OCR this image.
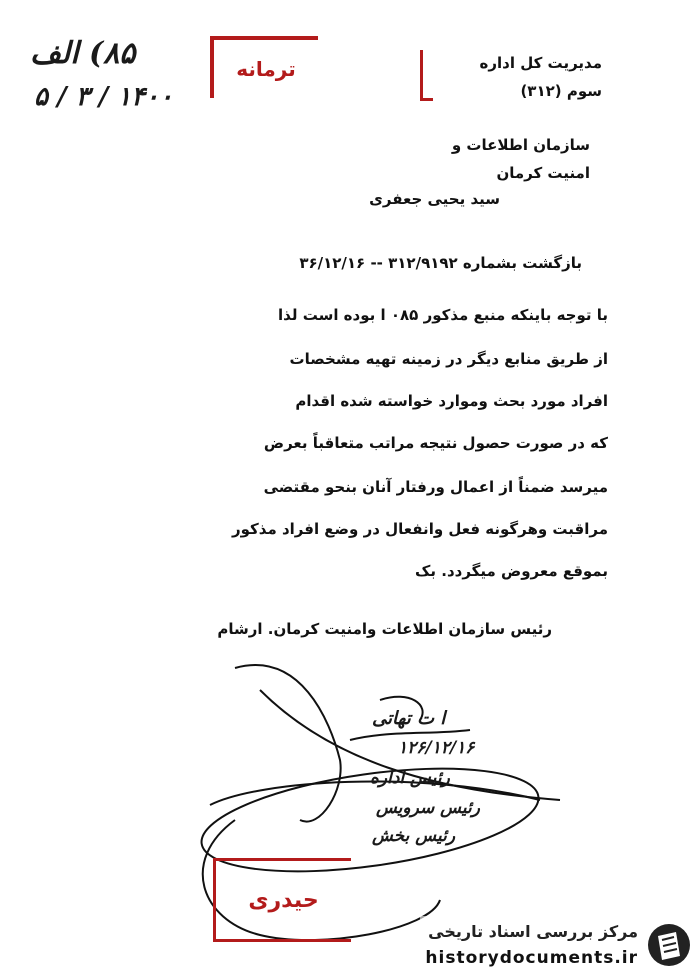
۸۵) الف
۵ / ۳ / ۱۴۰۰
ترمانه	مدیریت کل اداره
سوم (۳۱۲)
سازمان اطلاعات و
امنیت کرمان
سید یحیی جعفری
بازگشت بشماره ۳۱۲/۹۱۹۲ -- ۳۶/۱۲/۱۶
با توجه باینکه منبع مذکور ۰۸۵ ا بوده است لذا
از طریق منابع دیگر در زمینه تهیه مشخصات
افراد مورد بحث وموارد خواسته شده اقدام
که در صورت حصول نتیجه مراتب متعاقباً بعرض
میرسد ضمناً از اعمال ورفتار آنان بنحو مقتضی
مراقبت وهرگونه فعل وانفعال در وضع افراد مذکور
بموقع معروض میگردد. بک
رئیس سازمان اطلاعات وامنیت کرمان. ارشام
ا ت تهاتی
۱۲۶/۱۲/۱۶
رئیس اداره
رئیس سرویس
رئیس بخش
حیدری
مرکز بررسی اسناد تاریخی
historydocuments.ir
